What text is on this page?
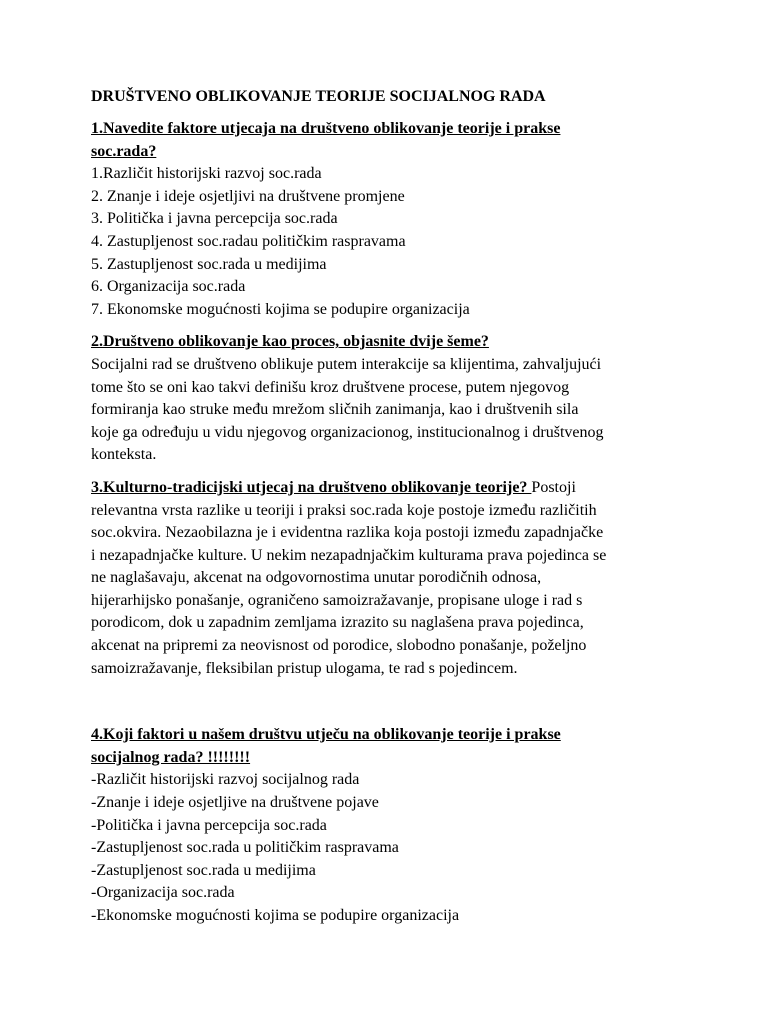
DRUŠTVENO OBLIKOVANJE TEORIJE SOCIJALNOG RADA
1.Navedite faktore utjecaja na društveno oblikovanje teorije i prakse
soc.rada?
1.Različit historijski razvoj soc.rada
2. Znanje i ideje osjetljivi na društvene promjene
3. Politička i javna percepcija soc.rada
4. Zastupljenost soc.radau političkim raspravama
5. Zastupljenost soc.rada u medijima
6. Organizacija soc.rada
7. Ekonomske mogućnosti kojima se podupire organizacija
2.Društveno oblikovanje kao proces, objasnite dvije šeme?
Socijalni rad se društveno oblikuje putem interakcije sa klijentima, zahvaljujući
tome što se oni kao takvi definišu kroz društvene procese, putem njegovog
formiranja kao struke među mrežom sličnih zanimanja, kao i društvenih sila
koje ga određuju u vidu njegovog organizacionog, institucionalnog i društvenog
konteksta.
3.Kulturno-tradicijski utjecaj na društveno oblikovanje teorije? Postoji
relevantna vrsta razlike u teoriji i praksi soc.rada koje postoje između različitih
soc.okvira. Nezaobilazna je i evidentna razlika koja postoji između zapadnjačke
i nezapadnjačke kulture. U nekim nezapadnjačkim kulturama prava pojedinca se
ne naglašavaju, akcenat na odgovornostima unutar porodičnih odnosa,
hijerarhijsko ponašanje, ograničeno samoizražavanje, propisane uloge i rad s
porodicom, dok u zapadnim zemljama izrazito su naglašena prava pojedinca,
akcenat na pripremi za neovisnost od porodice, slobodno ponašanje, poželjno
samoizražavanje, fleksibilan pristup ulogama, te rad s pojedincem.
4.Koji faktori u našem društvu utječu na oblikovanje teorije i prakse
socijalnog rada? !!!!!!!!
-Različit historijski razvoj socijalnog rada
-Znanje i ideje osjetljive na društvene pojave
-Politička i javna percepcija soc.rada
-Zastupljenost soc.rada u političkim raspravama
-Zastupljenost soc.rada u medijima
-Organizacija soc.rada
-Ekonomske mogućnosti kojima se podupire organizacija
